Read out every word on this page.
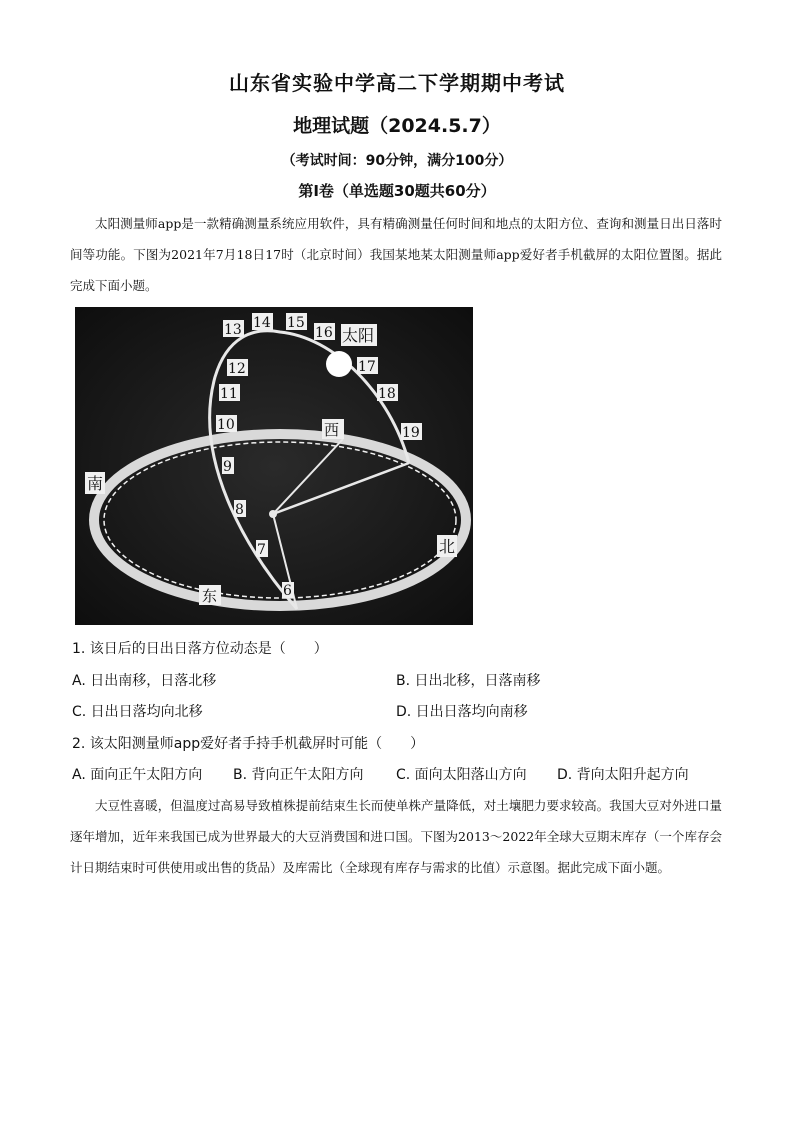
山东省实验中学高二下学期期中考试
地理试题（2024.5.7）
（考试时间：90分钟，满分100分）
第I卷（单选题30题共60分）

太阳测量师app是一款精确测量系统应用软件，具有精确测量任何时间和地点的太阳方位、查询和测量日出日落时间等功能。下图为2021年7月18日17时（北京时间）我国某地某太阳测量师app爱好者手机截屏的太阳位置图。据此完成下面小题。

6
7
8
9
10
11
12
13 14 15
16
17
18
19
太阳
南
北
东
西
1. 该日后的日出日落方位动态是（　　）
A. 日出南移，日落北移	B. 日出北移，日落南移
C. 日出日落均向北移	D. 日出日落均向南移
2. 该太阳测量师app爱好者手持手机截屏时可能（　　）
A. 面向正午太阳方向 B. 背向正午太阳方向 C. 面向太阳落山方向 D. 背向太阳升起方向

大豆性喜暖，但温度过高易导致植株提前结束生长而使单株产量降低，对土壤肥力要求较高。我国大豆对外进口量逐年增加，近年来我国已成为世界最大的大豆消费国和进口国。下图为2013～2022年全球大豆期末库存（一个库存会计日期结束时可供使用或出售的货品）及库需比（全球现有库存与需求的比值）示意图。据此完成下面小题。
